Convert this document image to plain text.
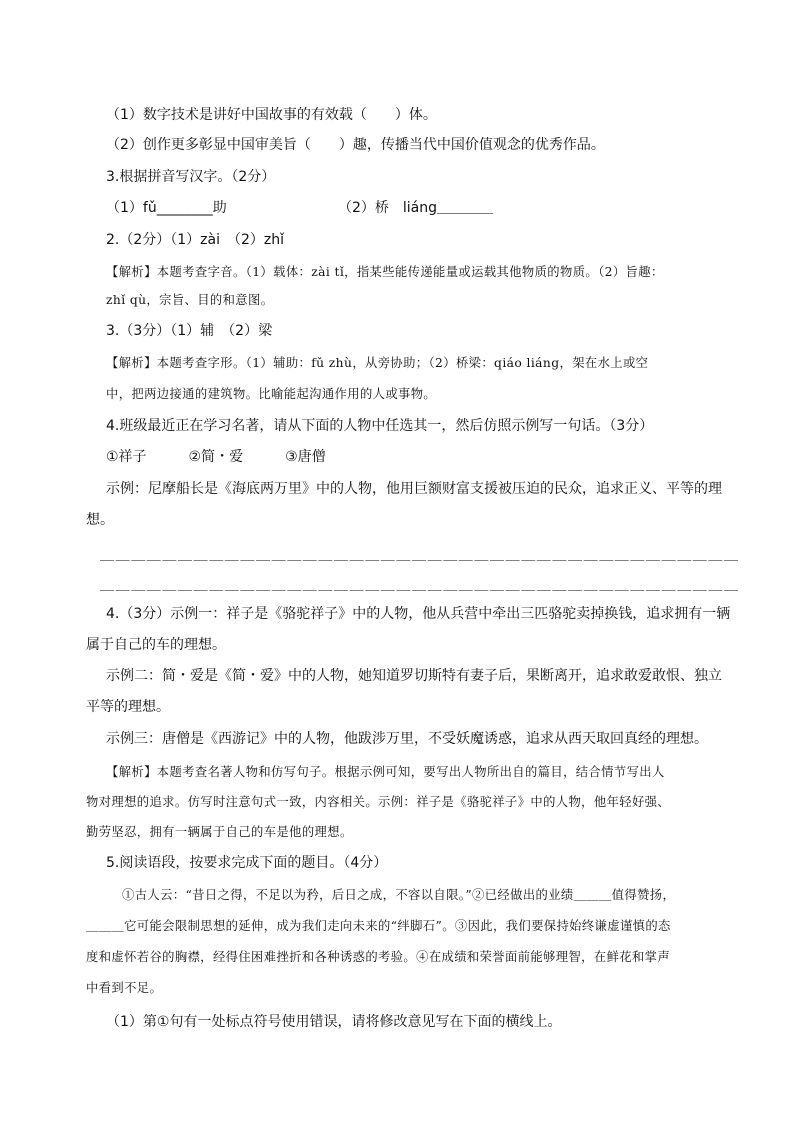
（1）数字技术是讲好中国故事的有效载（　　）体。

（2）创作更多彰显中国审美旨（　　）趣，传播当代中国价值观念的优秀作品。

3.根据拼音写汉字。（2分）

（1）fǔ________助	（2）桥　liáng＿＿＿＿

2.（2分）（1）zài　（2）zhǐ

【解析】本题考查字音。（1）载体：zài tǐ，指某些能传递能量或运载其他物质的物质。（2）旨趣：

zhǐ qù，宗旨、目的和意图。

3.（3分）（1）辅　（2）梁

【解析】本题考查字形。（1）辅助：fǔ zhù，从旁协助；（2）桥梁：qiáo liáng，架在水上或空

中，把两边接通的建筑物。比喻能起沟通作用的人或事物。

4.班级最近正在学习名著，请从下面的人物中任选其一，然后仿照示例写一句话。（3分）

①祥子　　　②简・爱　　　③唐僧

示例：尼摩船长是《海底两万里》中的人物，他用巨额财富支援被压迫的民众，追求正义、平等的理

想。

＿＿＿＿＿＿＿＿＿＿＿＿＿＿＿＿＿＿＿＿＿＿＿＿＿＿＿＿＿＿＿＿＿＿＿＿＿＿＿＿＿

＿＿＿＿＿＿＿＿＿＿＿＿＿＿＿＿＿＿＿＿＿＿＿＿＿＿＿＿＿＿＿＿＿＿＿＿＿＿＿＿＿

4.（3分）示例一：祥子是《骆驼祥子》中的人物，他从兵营中牵出三匹骆驼卖掉换钱，追求拥有一辆

属于自己的车的理想。

示例二：简・爱是《简・爱》中的人物，她知道罗切斯特有妻子后，果断离开，追求敢爱敢恨、独立

平等的理想。

示例三：唐僧是《西游记》中的人物，他跋涉万里，不受妖魔诱惑，追求从西天取回真经的理想。

【解析】本题考查名著人物和仿写句子。根据示例可知，要写出人物所出自的篇目，结合情节写出人

物对理想的追求。仿写时注意句式一致，内容相关。示例：祥子是《骆驼祥子》中的人物，他年轻好强、

勤劳坚忍，拥有一辆属于自己的车是他的理想。

5.阅读语段，按要求完成下面的题目。（4分）

①古人云：“昔日之得，不足以为矜，后日之成，不容以自限。”②已经做出的业绩＿＿＿值得赞扬，

＿＿＿它可能会限制思想的延伸，成为我们走向未来的“绊脚石”。③因此，我们要保持始终谦虚谨慎的态

度和虚怀若谷的胸襟，经得住困难挫折和各种诱惑的考验。④在成绩和荣誉面前能够理智，在鲜花和掌声

中看到不足。

（1）第①句有一处标点符号使用错误，请将修改意见写在下面的横线上。
